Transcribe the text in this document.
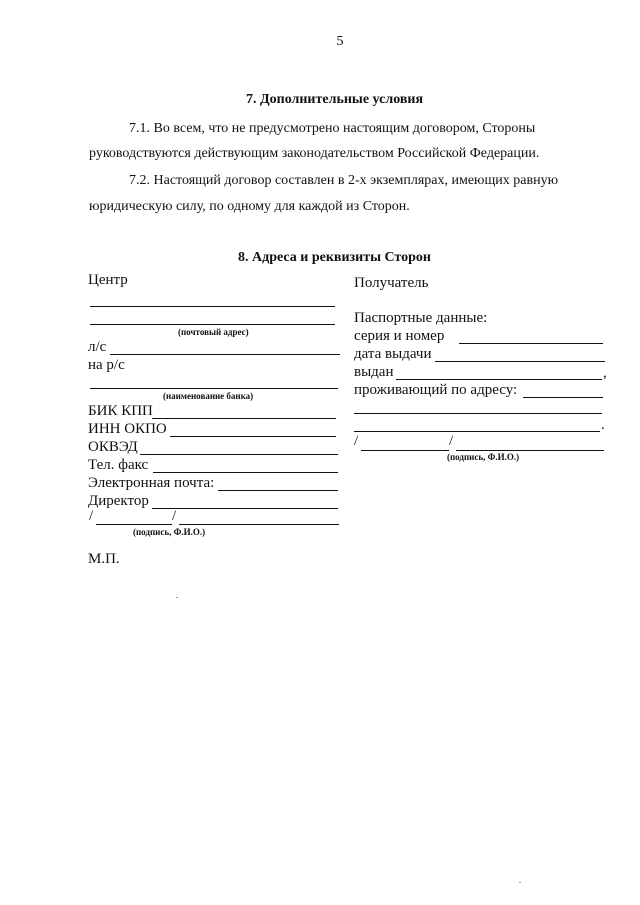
5
7. Дополнительные условия
7.1. Во всем, что не предусмотрено настоящим договором, Стороны
руководствуются действующим законодательством Российской Федерации.
7.2. Настоящий договор составлен в 2-х экземплярах, имеющих равную
юридическую силу, по одному для каждой из Сторон.
8. Адреса и реквизиты Сторон
Центр
(почтовый адрес)
л/с
на р/с
(наименование банка)
БИК КПП
ИНН ОКПО
ОКВЭД
Тел. факс
Электронная почта:
Директор
/	/
(подпись, Ф.И.О.)
М.П.
Получатель
Паспортные данные:
серия и номер
дата выдачи
выдан	,
проживающий по адресу:
.
/	/
(подпись, Ф.И.О.)
